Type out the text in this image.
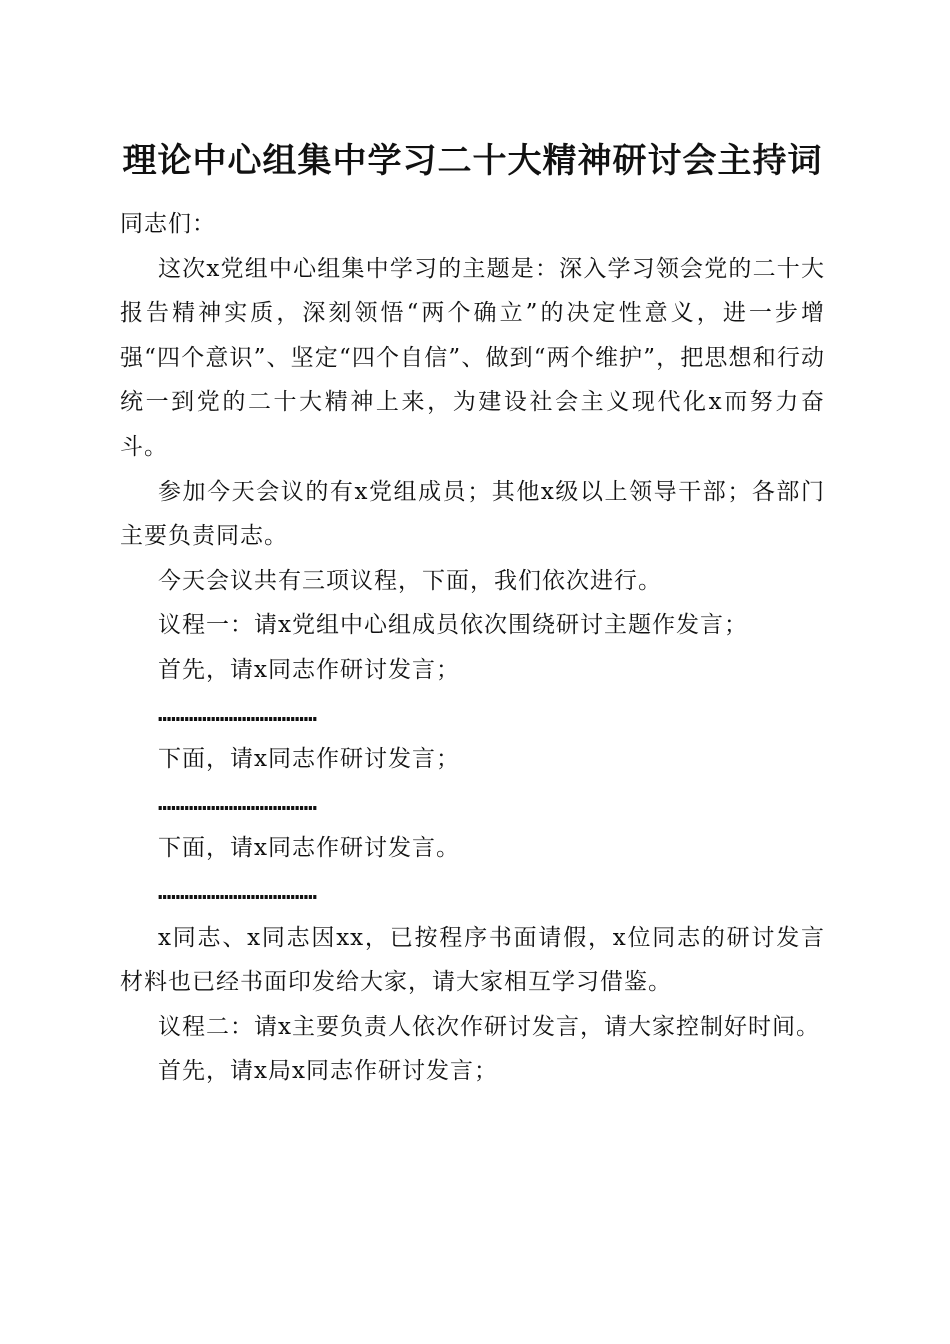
理论中心组集中学习二十大精神研讨会主持词

同志们：

这次x党组中心组集中学习的主题是：深入学习领会党的二十大报告精神实质，深刻领悟“两个确立”的决定性意义，进一步增强“四个意识”、坚定“四个自信”、做到“两个维护”，把思想和行动统一到党的二十大精神上来，为建设社会主义现代化x而努力奋斗。

参加今天会议的有x党组成员；其他x级以上领导干部；各部门主要负责同志。

今天会议共有三项议程，下面，我们依次进行。

议程一：请x党组中心组成员依次围绕研讨主题作发言；

首先，请x同志作研讨发言；

………………………………

下面，请x同志作研讨发言；

………………………………

下面，请x同志作研讨发言。

………………………………

x同志、x同志因xx，已按程序书面请假，x位同志的研讨发言材料也已经书面印发给大家，请大家相互学习借鉴。

议程二：请x主要负责人依次作研讨发言，请大家控制好时间。

首先，请x局x同志作研讨发言；
